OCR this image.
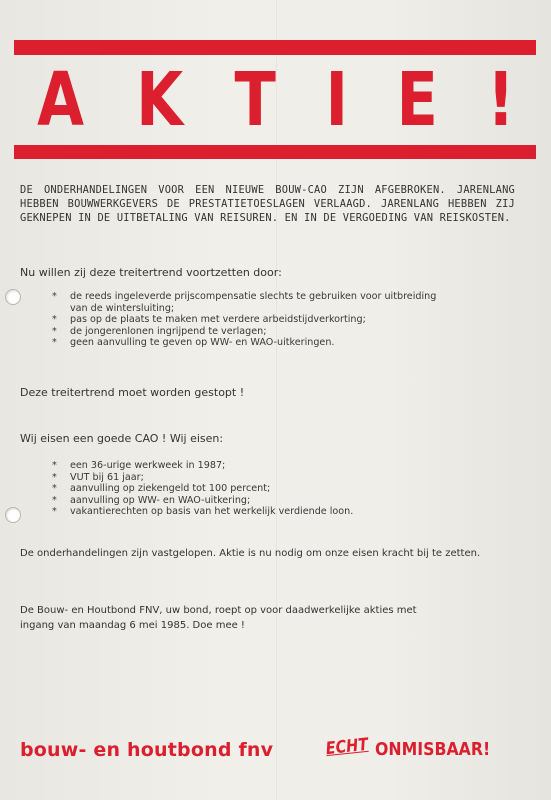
A K T I E !

DE ONDERHANDELINGEN VOOR EEN NIEUWE BOUW-CAO ZIJN AFGEBROKEN. JARENLANG HEBBEN BOUWWERKGEVERS DE PRESTATIETOESLAGEN VERLAAGD. JARENLANG HEBBEN ZIJ GEKNEPEN IN DE UITBETALING VAN REISUREN. EN IN DE VERGOEDING VAN REISKOSTEN.

Nu willen zij deze treitertrend voortzetten door:

*	de reeds ingeleverde prijscompensatie slechts te gebruiken voor uitbreiding
van de wintersluiting;
*	pas op de plaats te maken met verdere arbeidstijdverkorting;
*	de jongerenlonen ingrijpend te verlagen;
*	geen aanvulling te geven op WW- en WAO-uitkeringen.

Deze treitertrend moet worden gestopt !

Wij eisen een goede CAO ! Wij eisen:

*	een 36-urige werkweek in 1987;
*	VUT bij 61 jaar;
*	aanvulling op ziekengeld tot 100 percent;
*	aanvulling op WW- en WAO-uitkering;
*	vakantierechten op basis van het werkelijk verdiende loon.

De onderhandelingen zijn vastgelopen. Aktie is nu nodig om onze eisen kracht bij te zetten.

De Bouw- en Houtbond FNV, uw bond, roept op voor daadwerkelijke akties met

ingang van maandag 6 mei 1985. Doe mee !

bouw- en houtbond fnv	ECHT ONMISBAAR!
